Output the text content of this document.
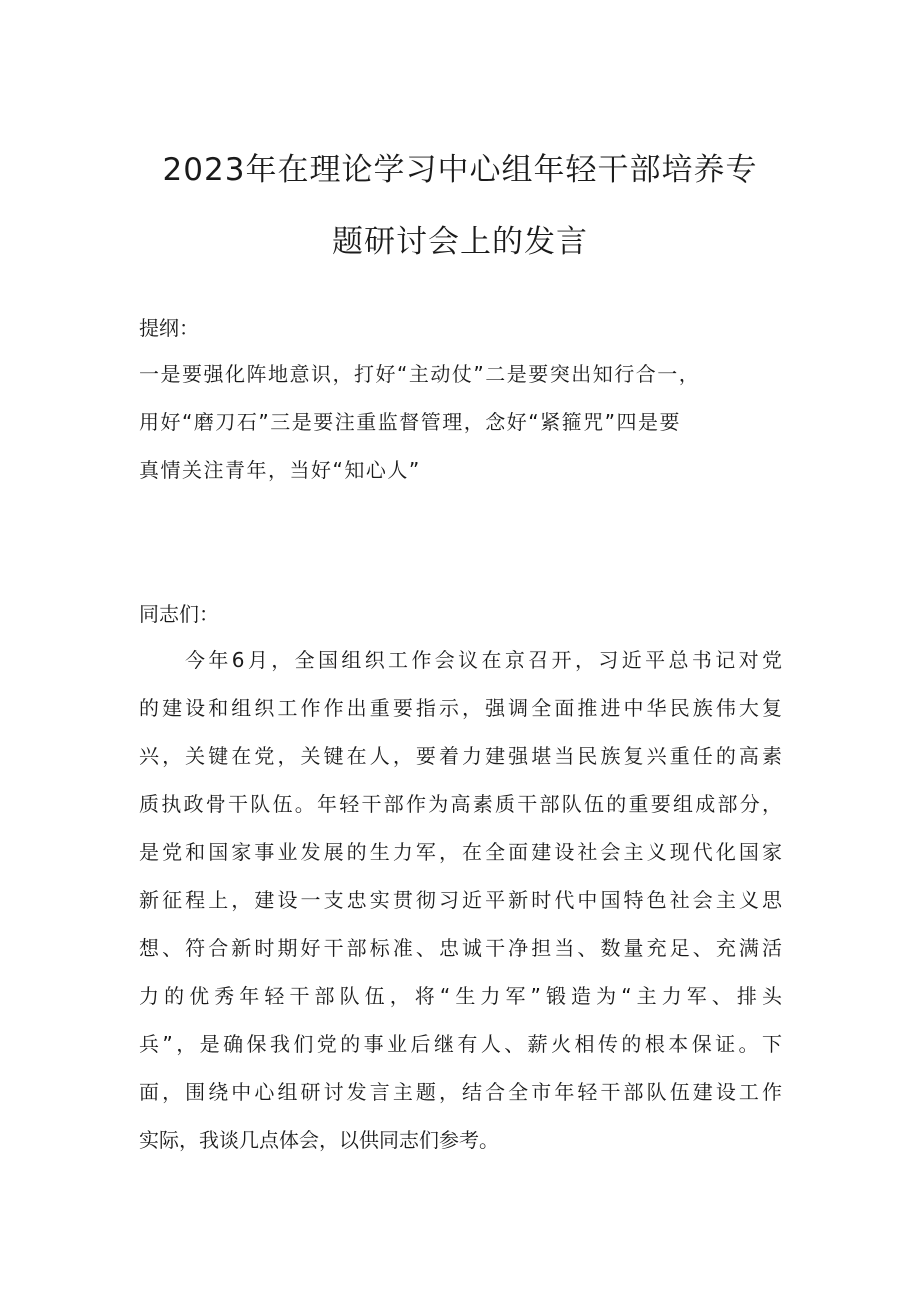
2023年在理论学习中心组年轻干部培养专
题研讨会上的发言
提纲：
一是要强化阵地意识，打好“主动仗”二是要突出知行合一，
用好“磨刀石”三是要注重监督管理，念好“紧箍咒”四是要
真情关注青年，当好“知心人”
同志们：
今年6月，全国组织工作会议在京召开，习近平总书记对党
的建设和组织工作作出重要指示，强调全面推进中华民族伟大复
兴，关键在党，关键在人，要着力建强堪当民族复兴重任的高素
质执政骨干队伍。年轻干部作为高素质干部队伍的重要组成部分，
是党和国家事业发展的生力军，在全面建设社会主义现代化国家
新征程上，建设一支忠实贯彻习近平新时代中国特色社会主义思
想、符合新时期好干部标准、忠诚干净担当、数量充足、充满活
力的优秀年轻干部队伍，将“生力军”锻造为“主力军、排头
兵”，是确保我们党的事业后继有人、薪火相传的根本保证。下
面，围绕中心组研讨发言主题，结合全市年轻干部队伍建设工作
实际，我谈几点体会，以供同志们参考。
